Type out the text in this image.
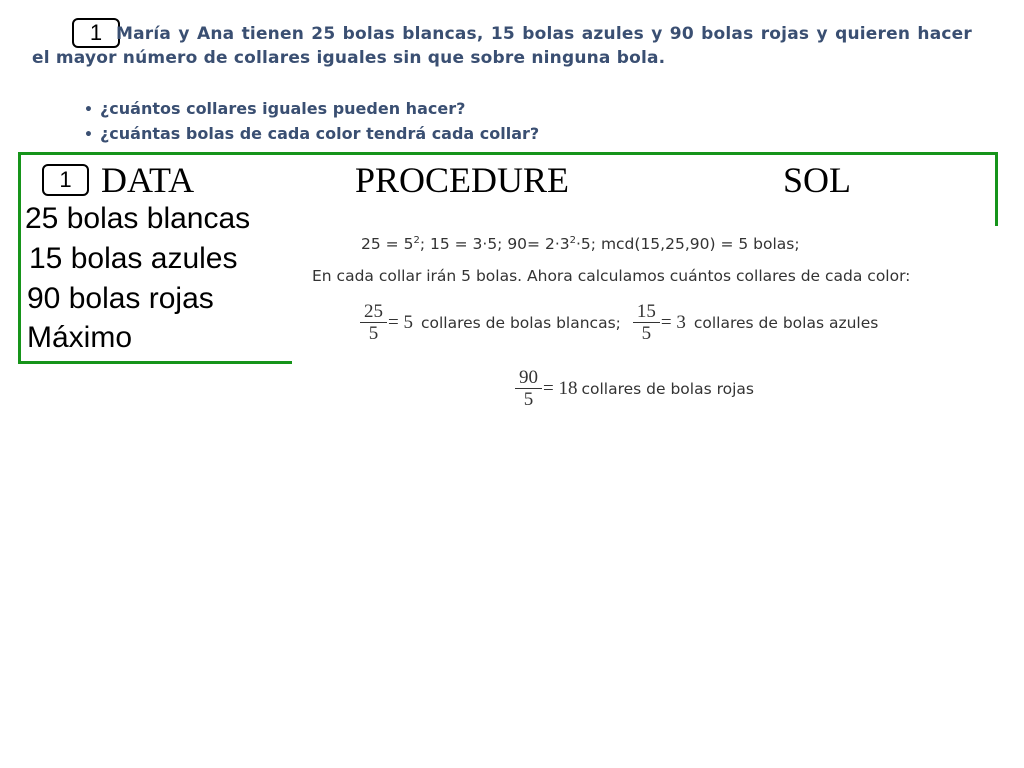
1 María y Ana tienen 25 bolas blancas, 15 bolas azules y 90 bolas rojas y quieren hacer el mayor número de collares iguales sin que sobre ninguna bola.
• ¿cuántos collares iguales pueden hacer?
• ¿cuántas bolas de cada color tendrá cada collar?
1 DATA	PROCEDURE	SOL
25 bolas blancas
15 bolas azules
90 bolas rojas
Máximo
$25 = 5^2$; 15 = 3·5; $90= 2\cdot 3^2\cdot 5$; mcd(15,25,90) = 5 bolas;
En cada collar irán 5 bolas. Ahora calculamos cuántos collares de cada color:
$\frac{25}{5} = 5$ collares de bolas blancas; $\frac{15}{5} = 3$ collares de bolas azules
$\frac{90}{5} = 18$ collares de bolas rojas
